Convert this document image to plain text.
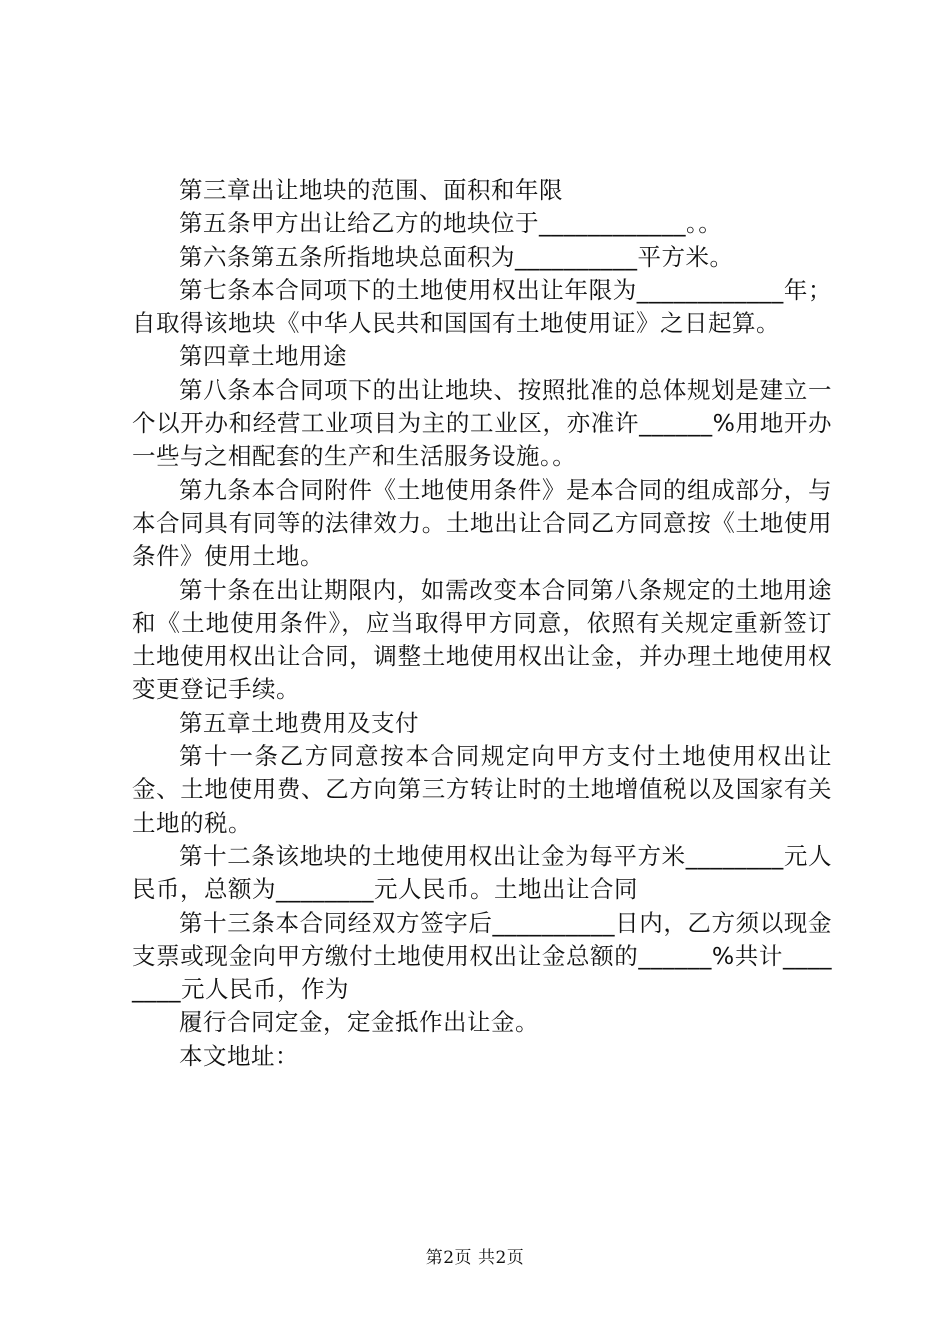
第三章出让地块的范围、面积和年限

第五条甲方出让给乙方的地块位于____________。。

第六条第五条所指地块总面积为__________平方米。

第七条本合同项下的土地使用权出让年限为____________年；自取得该地块《中华人民共和国国有土地使用证》之日起算。

第四章土地用途

第八条本合同项下的出让地块、按照批准的总体规划是建立一个以开办和经营工业项目为主的工业区，亦准许______%用地开办一些与之相配套的生产和生活服务设施。。

第九条本合同附件《土地使用条件》是本合同的组成部分，与本合同具有同等的法律效力。土地出让合同乙方同意按《土地使用条件》使用土地。

第十条在出让期限内，如需改变本合同第八条规定的土地用途和《土地使用条件》，应当取得甲方同意，依照有关规定重新签订土地使用权出让合同，调整土地使用权出让金，并办理土地使用权变更登记手续。

第五章土地费用及支付

第十一条乙方同意按本合同规定向甲方支付土地使用权出让金、土地使用费、乙方向第三方转让时的土地增值税以及国家有关土地的税。

第十二条该地块的土地使用权出让金为每平方米________元人民币，总额为________元人民币。土地出让合同

第十三条本合同经双方签字后__________日内，乙方须以现金支票或现金向甲方缴付土地使用权出让金总额的______%共计________元人民币，作为

履行合同定金，定金抵作出让金。

本文地址：

第2页 共2页
